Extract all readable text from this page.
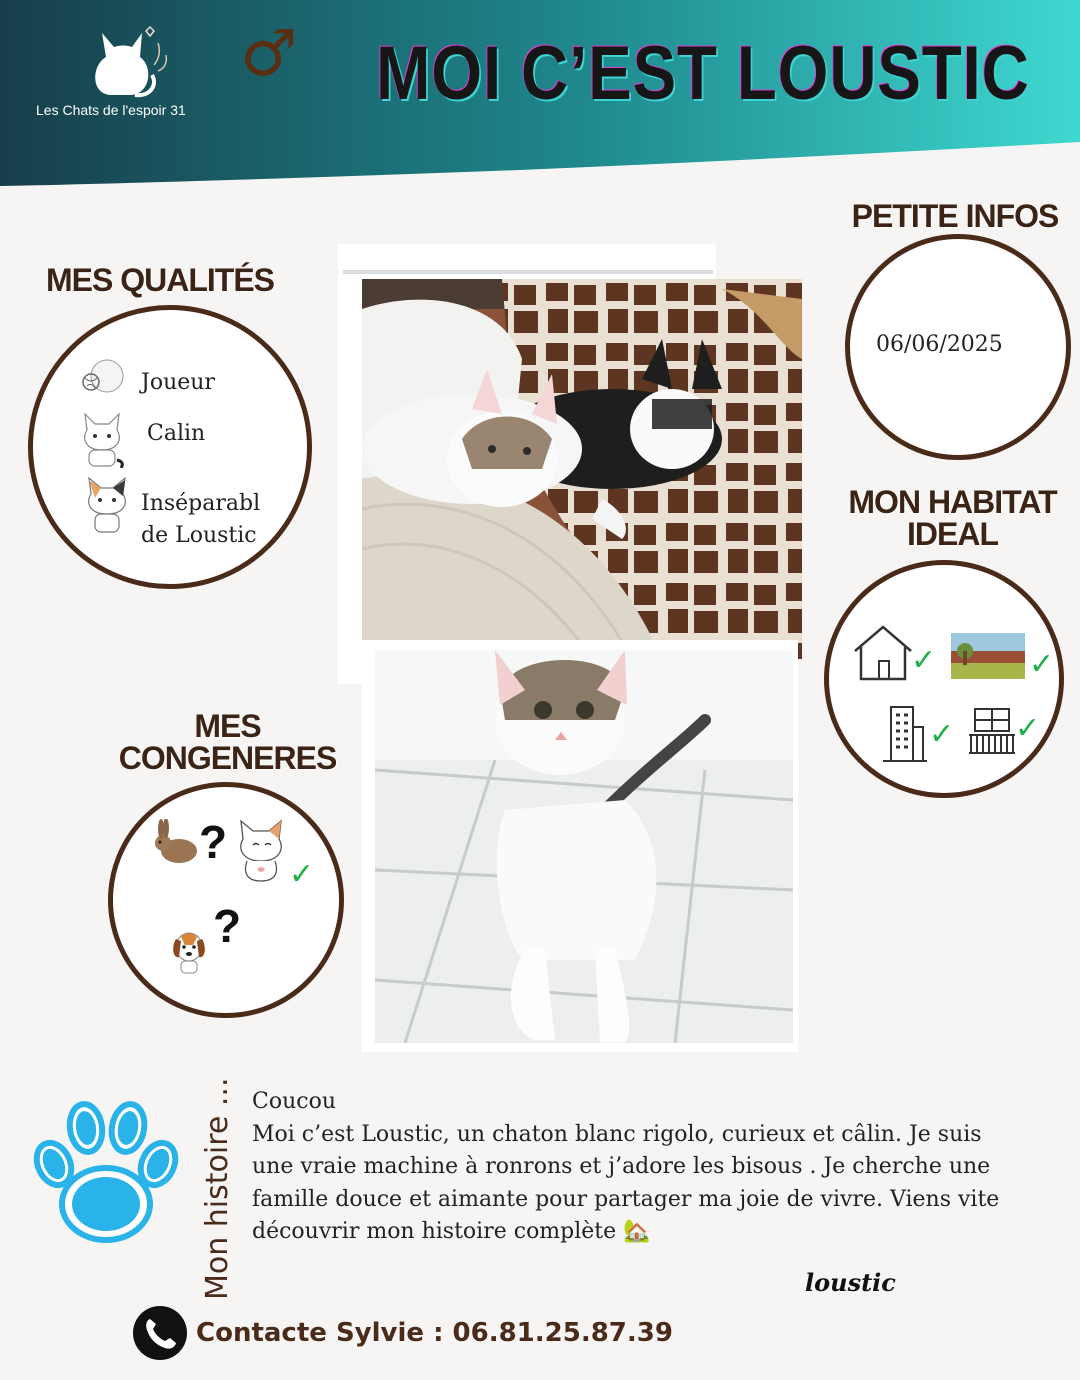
Les Chats de l'espoir 31
♂ MOI C’EST LOUSTIC
MES QUALITÉS
Joueur
Calin
Inséparabl
de Loustic
MES
CONGENERES
?
✓
?
PETITE INFOS
06/06/2025
MON HABITAT
IDEAL
✓	✓
✓ ✓
Mon histoire ... Coucou
Moi c’est Loustic, un chaton blanc rigolo, curieux et câlin. Je suis une vraie machine à ronrons et j’adore les bisous . Je cherche une famille douce et aimante pour partager ma joie de vivre. Viens vite découvrir mon histoire complète 🏡
loustic
Contacte Sylvie : 06.81.25.87.39
